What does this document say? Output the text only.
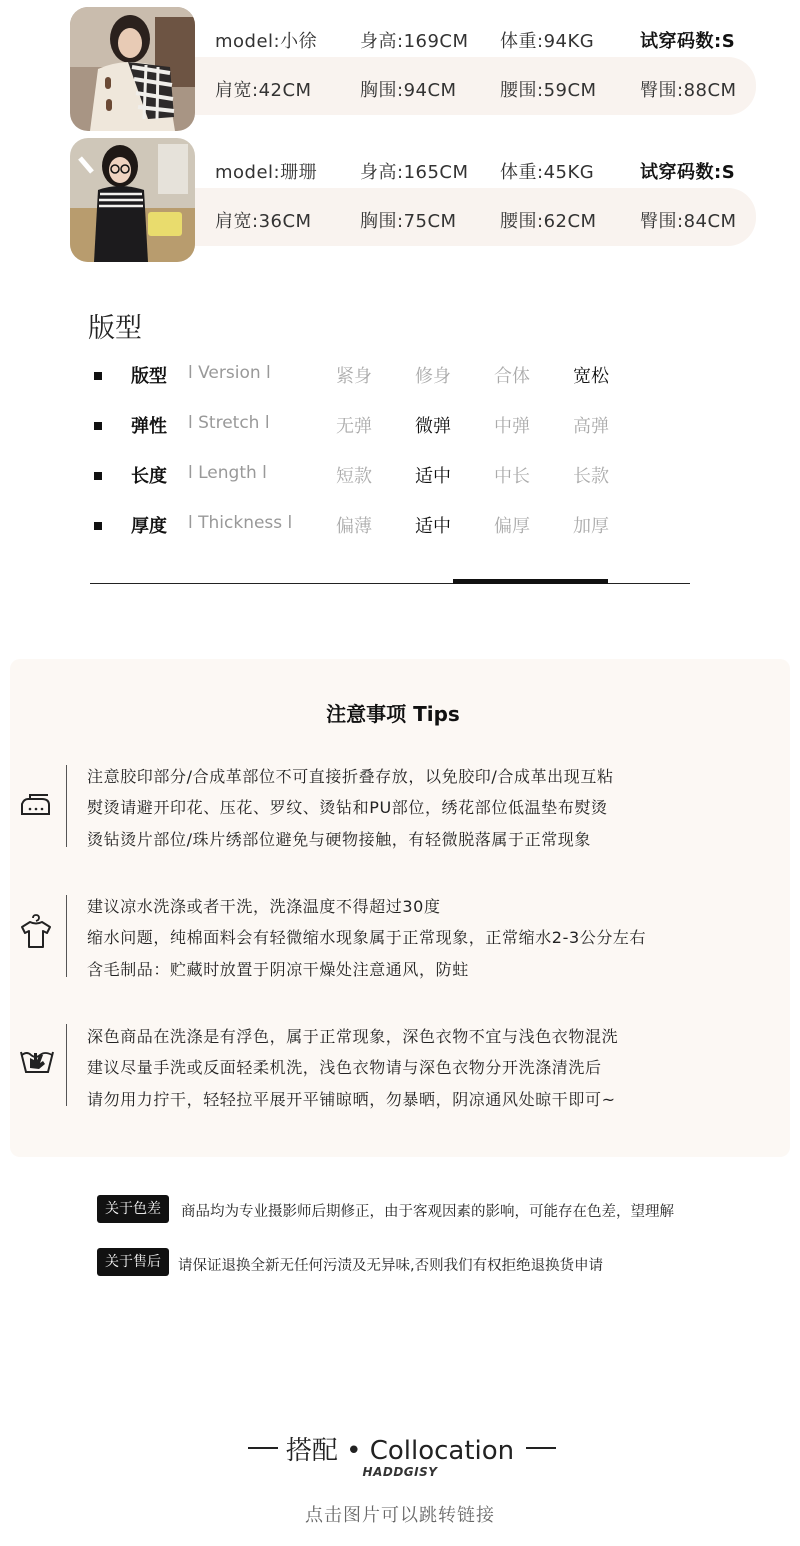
model:小徐 身高:169CM 体重:94KG	试穿码数:S
肩宽:42CM	胸围:94CM 腰围:59CM 臀围:88CM
model:珊珊 身高:165CM 体重:45KG	试穿码数:S
肩宽:36CM	胸围:75CM 腰围:62CM 臀围:84CM
版型
版型 l Version l	紧身 修身 合体 宽松
弹性 l Stretch l	无弹 微弹 中弹 高弹
长度 l Length l	短款 适中 中长 长款
厚度 l Thickness l 偏薄 适中 偏厚 加厚
注意事项 Tips
注意胶印部分/合成革部位不可直接折叠存放，以免胶印/合成革出现互粘
熨烫请避开印花、压花、罗纹、烫钻和PU部位，绣花部位低温垫布熨烫
烫钻烫片部位/珠片绣部位避免与硬物接触，有轻微脱落属于正常现象
建议凉水洗涤或者干洗，洗涤温度不得超过30度
缩水问题，纯棉面料会有轻微缩水现象属于正常现象，正常缩水2-3公分左右
含毛制品：贮藏时放置于阴凉干燥处注意通风，防蛀
深色商品在洗涤是有浮色，属于正常现象，深色衣物不宜与浅色衣物混洗
建议尽量手洗或反面轻柔机洗，浅色衣物请与深色衣物分开洗涤清洗后
请勿用力拧干，轻轻拉平展开平铺晾晒，勿暴晒，阴凉通风处晾干即可~
关于色差	商品均为专业摄影师后期修正，由于客观因素的影响，可能存在色差，望理解
关于售后	请保证退换全新无任何污渍及无异味,否则我们有权拒绝退换货申请
搭配 • Collocation
HADDGISY
点击图片可以跳转链接
